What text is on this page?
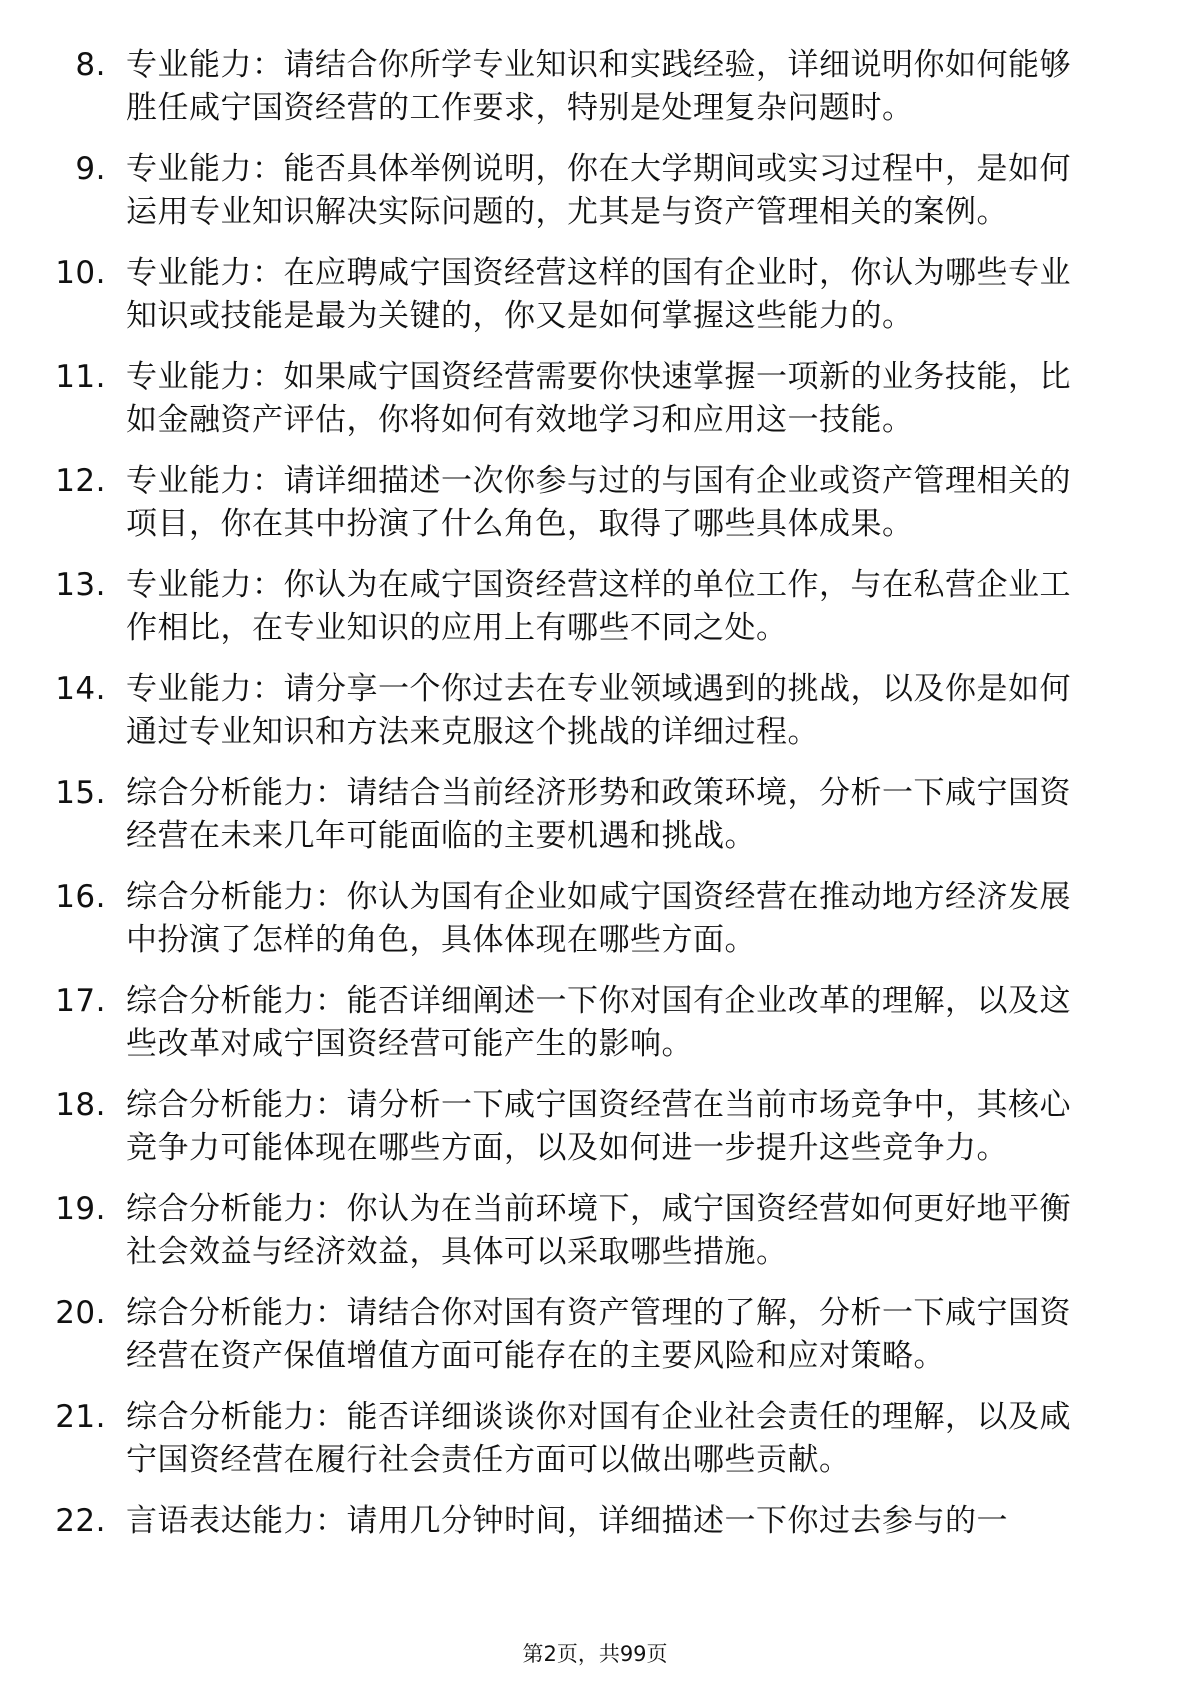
8. 专业能力：请结合你所学专业知识和实践经验，详细说明你如何能够胜任咸宁国资经营的工作要求，特别是处理复杂问题时。
9. 专业能力：能否具体举例说明，你在大学期间或实习过程中，是如何运用专业知识解决实际问题的，尤其是与资产管理相关的案例。
10. 专业能力：在应聘咸宁国资经营这样的国有企业时，你认为哪些专业知识或技能是最为关键的，你又是如何掌握这些能力的。
11. 专业能力：如果咸宁国资经营需要你快速掌握一项新的业务技能，比如金融资产评估，你将如何有效地学习和应用这一技能。
12. 专业能力：请详细描述一次你参与过的与国有企业或资产管理相关的项目，你在其中扮演了什么角色，取得了哪些具体成果。
13. 专业能力：你认为在咸宁国资经营这样的单位工作，与在私营企业工作相比，在专业知识的应用上有哪些不同之处。
14. 专业能力：请分享一个你过去在专业领域遇到的挑战，以及你是如何通过专业知识和方法来克服这个挑战的详细过程。
15. 综合分析能力：请结合当前经济形势和政策环境，分析一下咸宁国资经营在未来几年可能面临的主要机遇和挑战。
16. 综合分析能力：你认为国有企业如咸宁国资经营在推动地方经济发展中扮演了怎样的角色，具体体现在哪些方面。
17. 综合分析能力：能否详细阐述一下你对国有企业改革的理解，以及这些改革对咸宁国资经营可能产生的影响。
18. 综合分析能力：请分析一下咸宁国资经营在当前市场竞争中，其核心竞争力可能体现在哪些方面，以及如何进一步提升这些竞争力。
19. 综合分析能力：你认为在当前环境下，咸宁国资经营如何更好地平衡社会效益与经济效益，具体可以采取哪些措施。
20. 综合分析能力：请结合你对国有资产管理的了解，分析一下咸宁国资经营在资产保值增值方面可能存在的主要风险和应对策略。
21. 综合分析能力：能否详细谈谈你对国有企业社会责任的理解，以及咸宁国资经营在履行社会责任方面可以做出哪些贡献。
22. 言语表达能力：请用几分钟时间，详细描述一下你过去参与的一
第2页，共99页
